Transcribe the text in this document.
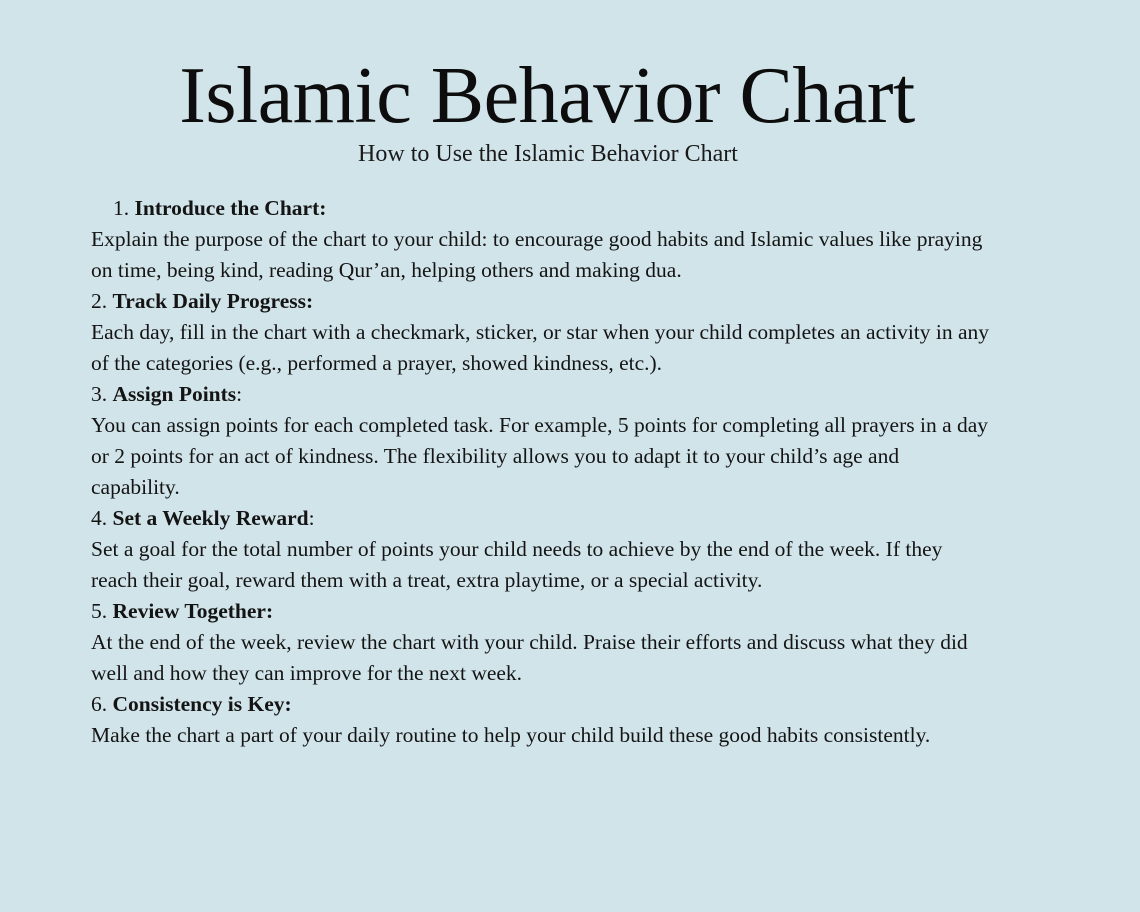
Islamic Behavior Chart

How to Use the Islamic Behavior Chart

1. Introduce the Chart:

Explain the purpose of the chart to your child: to encourage good habits and Islamic values like praying on time, being kind, reading Qur’an, helping others and making dua.

2. Track Daily Progress:

Each day, fill in the chart with a checkmark, sticker, or star when your child completes an activity in any of the categories (e.g., performed a prayer, showed kindness, etc.).

3. Assign Points:

You can assign points for each completed task. For example, 5 points for completing all prayers in a day or 2 points for an act of kindness. The flexibility allows you to adapt it to your child’s age and capability.

4. Set a Weekly Reward:

Set a goal for the total number of points your child needs to achieve by the end of the week. If they reach their goal, reward them with a treat, extra playtime, or a special activity.

5. Review Together:

At the end of the week, review the chart with your child. Praise their efforts and discuss what they did well and how they can improve for the next week.

6. Consistency is Key:

Make the chart a part of your daily routine to help your child build these good habits consistently.
